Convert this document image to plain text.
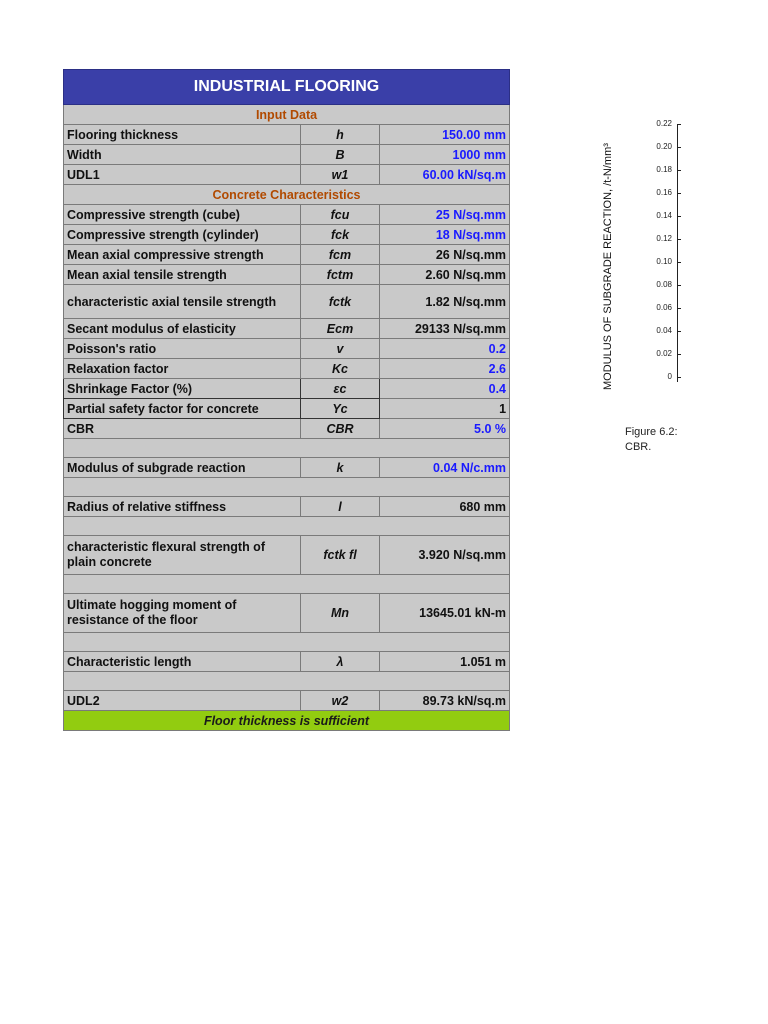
INDUSTRIAL FLOORING		
Input Data		
Flooring thickness	h	150.00 mm
Width	B	1000 mm
UDL1	w1	60.00 kN/sq.m
Concrete Characteristics		
Compressive strength (cube)	fcu	25 N/sq.mm
Compressive strength (cylinder)	fck	18 N/sq.mm
Mean axial compressive strength	fcm	26 N/sq.mm
Mean axial tensile strength	fctm	2.60 N/sq.mm
characteristic axial tensile strength	fctk	1.82 N/sq.mm
Secant modulus of elasticity	Ecm	29133 N/sq.mm
Poisson's ratio	v	0.2
Relaxation factor	Kc	2.6
Shrinkage Factor (%)	εc	0.4
Partial safety factor for concrete	Υc	1
CBR	CBR	5.0 %

Modulus of subgrade reaction	k	0.04 N/c.mm

Radius of relative stiffness	l	680 mm

characteristic flexural strength of plain concrete	fctk fl	3.920 N/sq.mm

Ultimate hogging moment of resistance of the floor	Mn	13645.01 kN-m

Characteristic length	λ	1.051 m

UDL2	w2	89.73 kN/sq.m
Floor thickness is sufficient		
MODULUS OF SUBGRADE REACTION, /t-N/mm³
0.22
0.20
0.18
0.16
0.14
0.12
0.10
0.08
0.06
0.04
0.02
0
Figure 6.2:
CBR.
